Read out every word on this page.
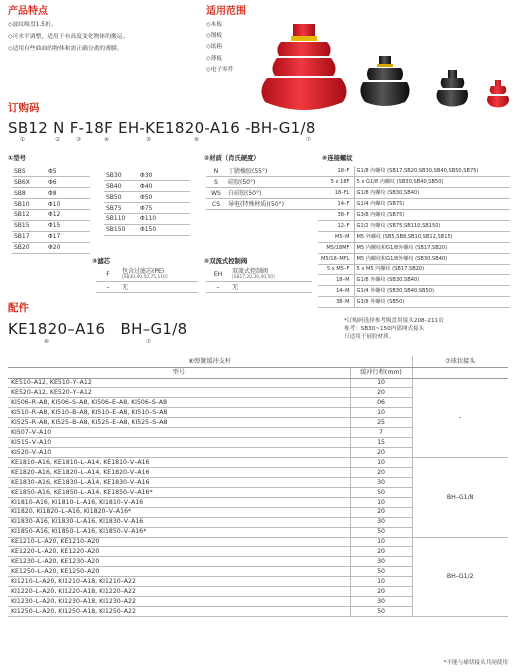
产品特点
◇波纹吸盘1.5折。
◇可水平调整，适用于有高度变化物体的搬运。
◇适用有些曲面的物体和需正确分离的薄膜。
适用范围
◇木板
◇钢板
◇纸箱
◇薄板
◇电子零件
订购码
SB12 N F-18F EH-KE1820-A16 -BH-G1/8
①	②	③	④	⑤	⑥	⑦
①型号
SB5	Φ5
SB6X	Φ6
SB8	Φ8
SB10	Φ10
SB12	Φ12
SB15	Φ15
SB17	Φ17
SB20	Φ20
SB30	Φ30
SB40	Φ40
SB50	Φ50
SB75	Φ75
SB110	Φ110
SB150	Φ150
②材质（肖氏硬度）
N	丁腈橡胶(55°)
S	硅胶(50°)
WS	白硅胶(50°)
CS	导电(特殊材质)(50°)
④连接螺纹
18–F	G1/8 内螺纹 (SB17,SB20,SB30,SB40,SB50,SB75)
5 x 18F	5 x G1/8 内螺纹 (SB30,SB40,SB50)
18–FL	G1/8 内螺纹 (SB30,SB40)
14–F	G1/4 内螺纹 (SB75)
38–F	G3/8 内螺纹 (SB75)
12–F	G1/2 内螺纹 (SB75,SB110,SB150)
M5–M	M5 外螺纹 (SB5,SB8,SB10,SB12,SB15)
M5/18MF	M5 内螺纹和G1/8外螺纹 (SB17,SB20)
M5/18–MFL	M5 内螺纹和G1/8外螺纹 (SB30,SB40)
5 x M5–F	5 x M5 内螺纹 (SB17,SB20)
18–M	G1/8 外螺纹 (SB30,SB40)
14–M	G1/4 外螺纹 (SB30,SB40,SB50)
38–M	G3/8 外螺纹 (SB50)
③滤芯
F	包含过滤芯(PE)
[SB30,40,50,75,110]

–	无
⑤双流式控制阀
EH	双流式控制阀
[SB17,20,30,40,50]

–	无
*订购码选择参考吸盘用接头208–211页
参考：SB30~150内部网式接头
只适用于硅胶材质。
配件
KE1820–A16   BH–G1/8
⑥	⑦
⑥弹簧缓冲支杆		⑦球状接头
型号	缓冲行程(mm)	
KE510–A12, KE510–Y–A12	10	–
KE520–A12, KE520–Y–A12	20	
KI506–R–A8, KI506–S–A8, KI506–E–A8, KI506–S–A8	06	
KI510–R–A8, KI510–B–A8, KI510–E–A8, KI510–S–A8	10	
KI525–R–A8, KI525–B–A8, KI525–E–A8, KI525–S–A8	25	
KI507–V–A10	7	
KI515–V–A10	15	
KI520–V–A10	20	
KE1810–A16, KE1810–L–A14, KE1810–V–A16	10	BH–G1/8
KE1820–A16, KE1820–L–A14, KE1820–V–A16	20	
KE1830–A16, KE1830–L–A14, KE1830–V–A16	30	
KE1850–A16, KE1850–L–A14, KE1850–V–A16*	50	
KI1810–A16, KI1810–L–A16, KI1810–V–A16	10	
KI1820, KI1820–L–A16, KI1820–V–A16*	20	
KI1830–A16, KI1830–L–A16, KI1830–V–A16	30	
KI1850–A16, KI1850–L–A16, KI1850–V–A16*	50	
KE1210–L–A20, KE1210–A20	10	BH–G1/2
KE1220–L–A20, KE1220–A20	20	
KE1230–L–A20, KE1230–A20	30	
KE1250–L–A20, KE1250–A20	50	
KI1210–L–A20, KI1210–A18, KI1210–A22	10	
KI1220–L–A20, KI1220–A18, KI1220–A22	20	
KI1230–L–A20, KI1230–A18, KI1230–A22	30	
KI1250–L–A20, KI1250–A18, KI1250–A22	50	
*不能与球状接头共同使用
